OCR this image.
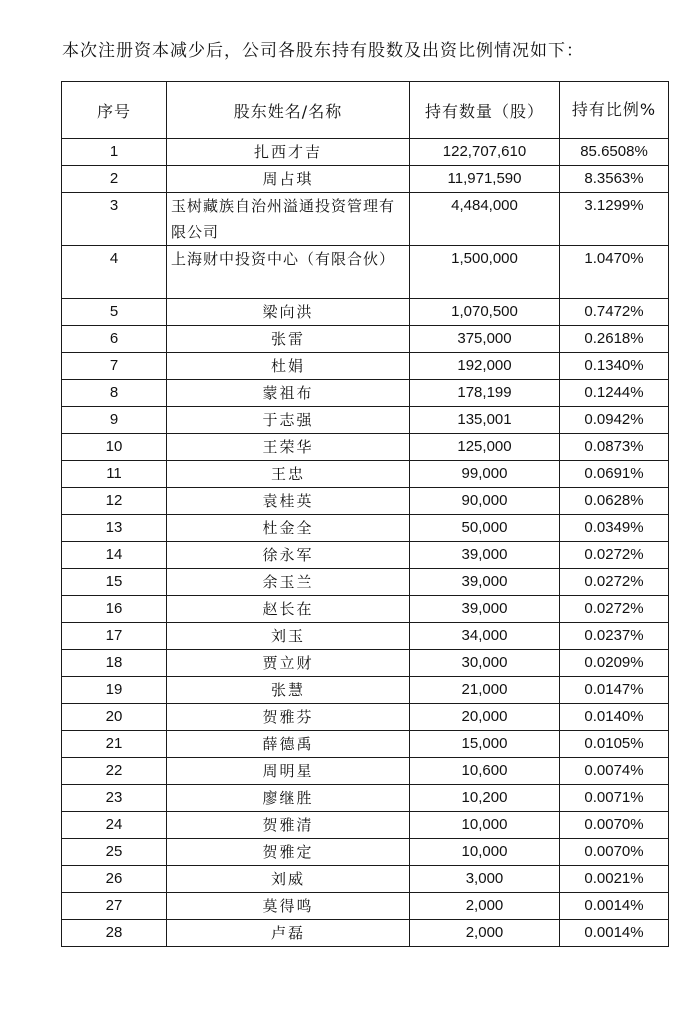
本次注册资本减少后，公司各股东持有股数及出资比例情况如下：
序号	股东姓名/名称	持有数量（股）	持有比例%
1	扎西才吉	122,707,610	85.6508%
2	周占琪	11,971,590	8.3563%
3	玉树藏族自治州溢通投资管理有限公司	4,484,000	3.1299%
4	上海财中投资中心（有限合伙）	1,500,000	1.0470%
5	梁向洪	1,070,500	0.7472%
6	张雷	375,000	0.2618%
7	杜娟	192,000	0.1340%
8	蒙祖布	178,199	0.1244%
9	于志强	135,001	0.0942%
10	王荣华	125,000	0.0873%
11	王忠	99,000	0.0691%
12	袁桂英	90,000	0.0628%
13	杜金全	50,000	0.0349%
14	徐永军	39,000	0.0272%
15	余玉兰	39,000	0.0272%
16	赵长在	39,000	0.0272%
17	刘玉	34,000	0.0237%
18	贾立财	30,000	0.0209%
19	张慧	21,000	0.0147%
20	贺雅芬	20,000	0.0140%
21	薛德禹	15,000	0.0105%
22	周明星	10,600	0.0074%
23	廖继胜	10,200	0.0071%
24	贺雅清	10,000	0.0070%
25	贺雅定	10,000	0.0070%
26	刘威	3,000	0.0021%
27	莫得鸣	2,000	0.0014%
28	卢磊	2,000	0.0014%
